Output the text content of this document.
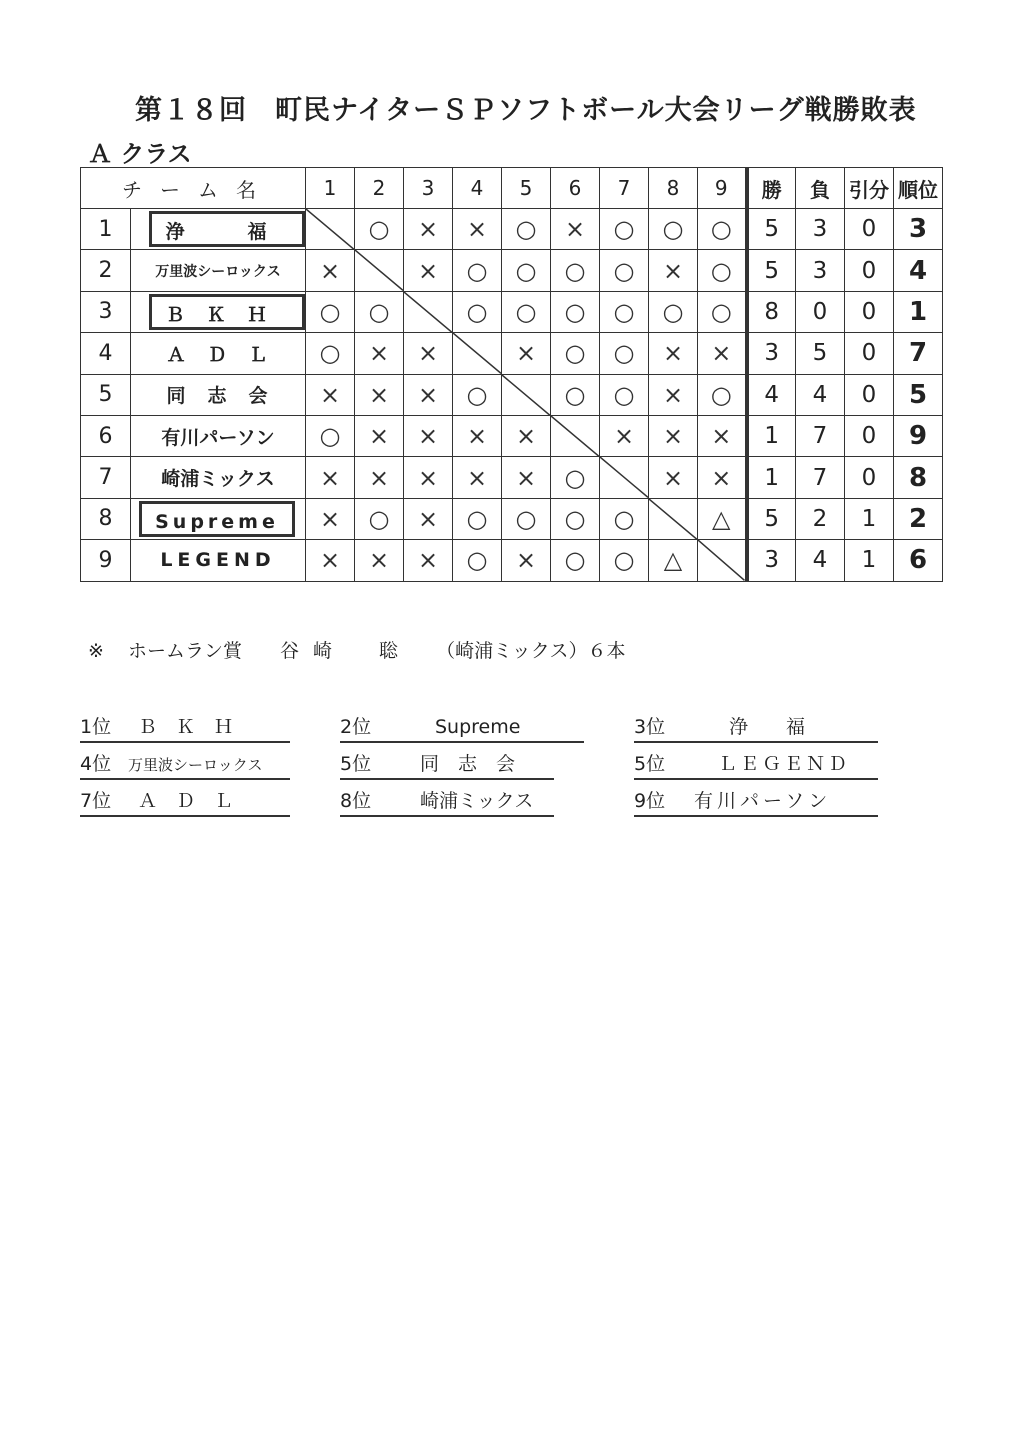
第１８回　町民ナイターＳＰソフトボール大会リーグ戦勝敗表
Ａ クラス
チーム名		1	2	3	4	5	6	7	8	9	勝	負	引分	順位
1	浄　福		○	×	×	○	×	○	○	○	5	3	0	3
2	万里波シーロックス	×		×	○	○	○	○	×	○	5	3	0	4
3	ＢＫＨ	○	○		○	○	○	○	○	○	8	0	0	1
4	ＡＤＬ	○	×	×		×	○	○	×	×	3	5	0	7
5	同志会	×	×	×	○		○	○	×	○	4	4	0	5
6	有川パーソン	○	×	×	×	×		×	×	×	1	7	0	9
7	崎浦ミックス	×	×	×	×	×	○		×	×	1	7	0	8
8	Supreme	×	○	×	○	○	○	○		△	5	2	1	2
9	LEGEND	×	×	×	○	×	○	○	△		3	4	1	6
※ ホームラン賞 谷崎　聡 （崎浦ミックス）６本
1位 Ｂ　Ｋ　Ｈ	2位	Supreme	3位	浄　　福
4位 万里波シーロックス	5位	同　志　会	5位	ＬＥＧＥＮＤ
7位 Ａ　Ｄ　Ｌ	8位	崎浦ミックス	9位 有川パーソン
